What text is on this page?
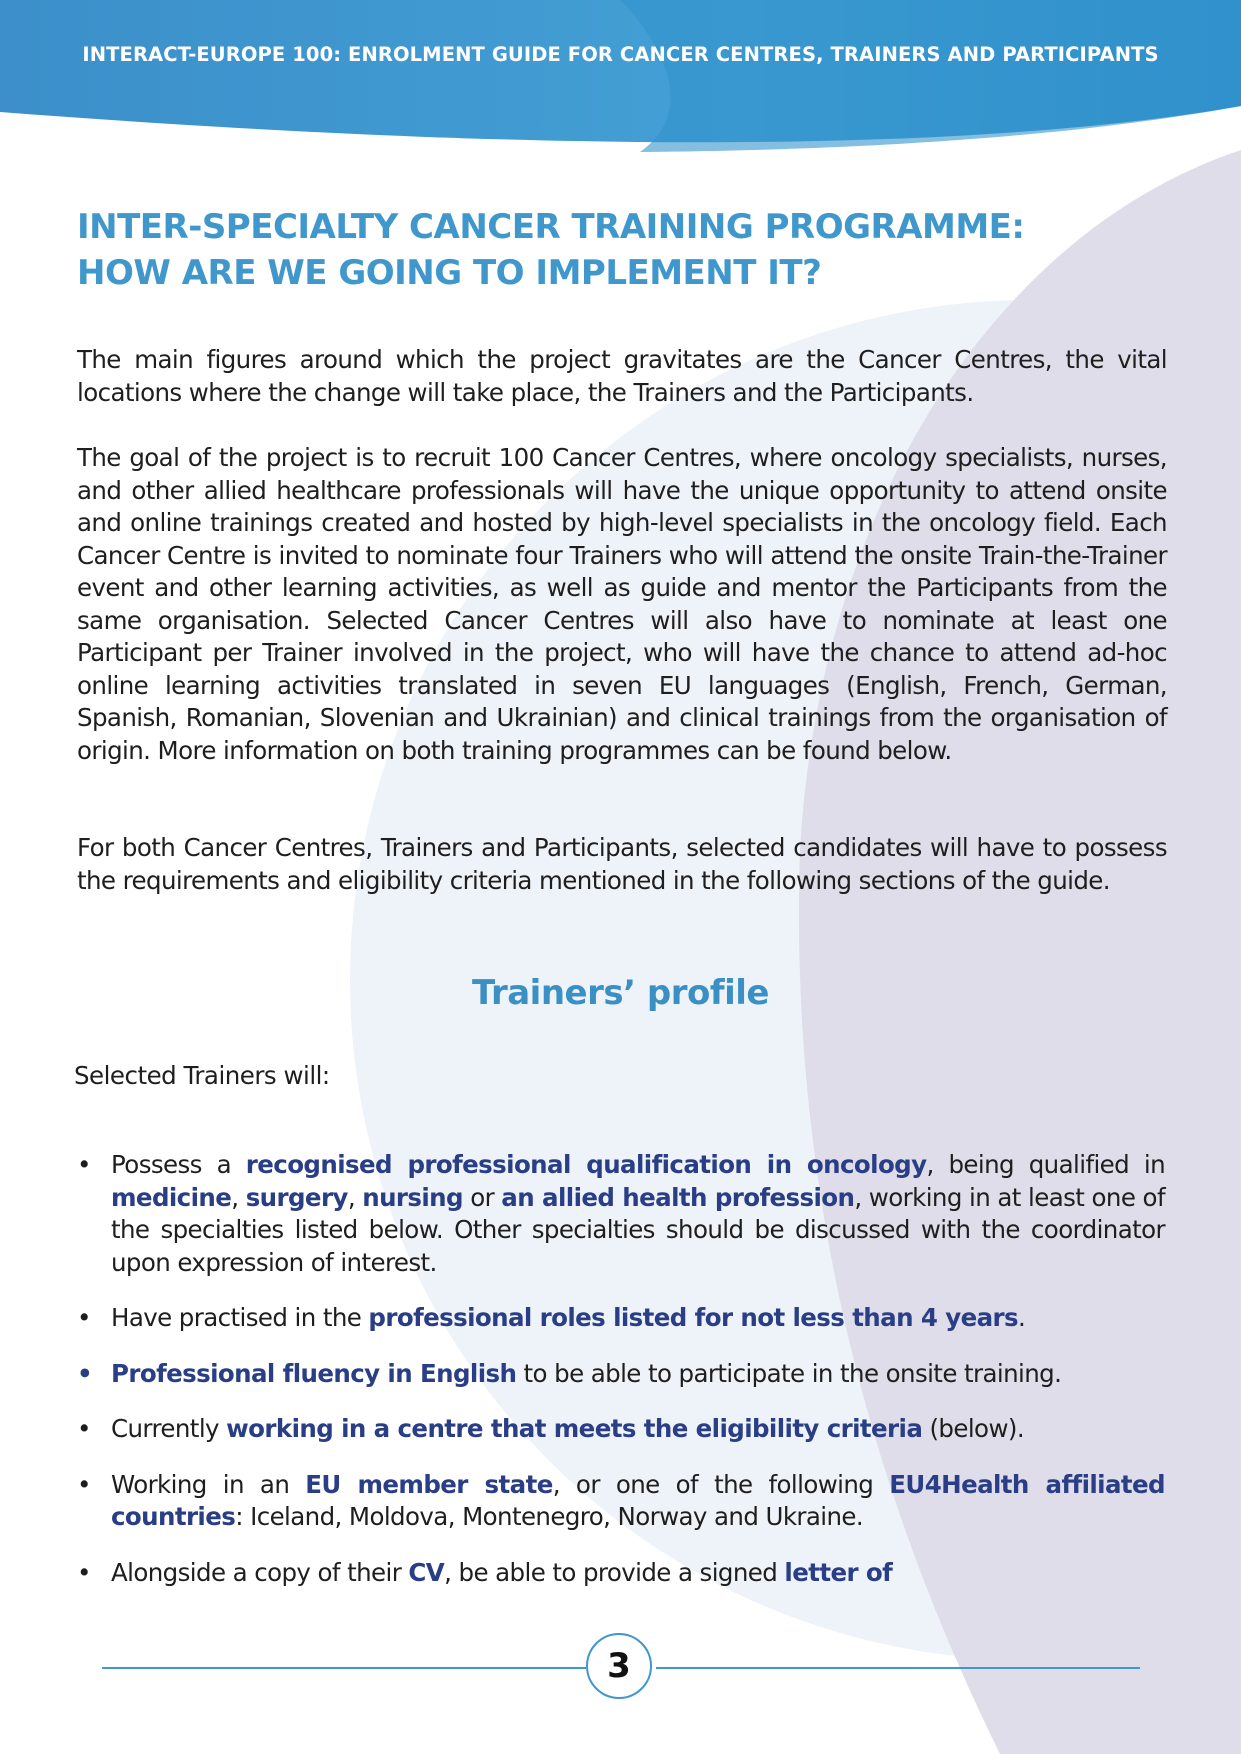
INTERACT-EUROPE 100: ENROLMENT GUIDE FOR CANCER CENTRES, TRAINERS AND PARTICIPANTS
INTER-SPECIALTY CANCER TRAINING PROGRAMME:
HOW ARE WE GOING TO IMPLEMENT IT?

The main figures around which the project gravitates are the Cancer Centres, the vital locations where the change will take place, the Trainers and the Participants.

The goal of the project is to recruit 100 Cancer Centres, where oncology specialists, nurses, and other allied healthcare professionals will have the unique opportunity to attend onsite and online trainings created and hosted by high-level specialists in the oncology field. Each Cancer Centre is invited to nominate four Trainers who will attend the onsite Train-the-Trainer event and other learning activities, as well as guide and mentor the Participants from the same organisation. Selected Cancer Centres will also have to nominate at least one Participant per Trainer involved in the project, who will have the chance to attend ad-hoc online learning activities translated in seven EU languages (English, French, German, Spanish, Romanian, Slovenian and Ukrainian) and clinical trainings from the organisation of origin. More information on both training programmes can be found below.

For both Cancer Centres, Trainers and Participants, selected candidates will have to possess the requirements and eligibility criteria mentioned in the following sections of the guide.

Trainers’ profile

Selected Trainers will:

• Possess a recognised professional qualification in oncology, being qualified in medicine, surgery, nursing or an allied health profession, working in at least one of the specialties listed below. Other specialties should be discussed with the coordinator upon expression of interest.
• Have practised in the professional roles listed for not less than 4 years.
• Professional fluency in English to be able to participate in the onsite training.
• Currently working in a centre that meets the eligibility criteria (below).
• Working in an EU member state, or one of the following EU4Health affiliated countries: Iceland, Moldova, Montenegro, Norway and Ukraine.
• Alongside a copy of their CV, be able to provide a signed letter of
3
